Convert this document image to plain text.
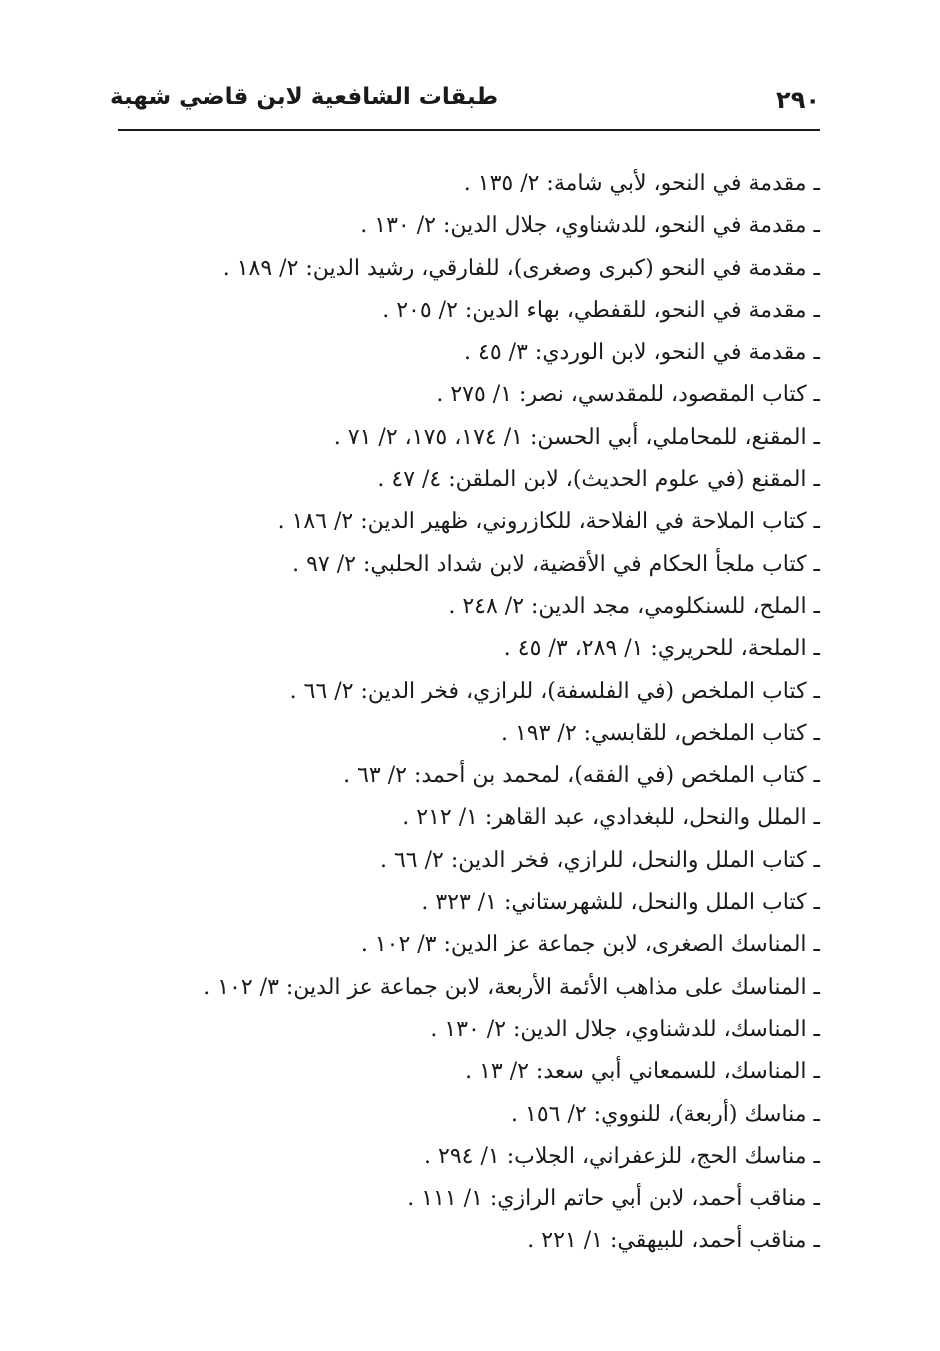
٢٩٠
طبقات الشافعية لابن قاضي شهبة
ـ مقدمة في النحو، لأبي شامة: ٢/ ١٣٥ .
ـ مقدمة في النحو، للدشناوي، جلال الدين: ٢/ ١٣٠ .
ـ مقدمة في النحو (كبرى وصغرى)، للفارقي، رشيد الدين: ٢/ ١٨٩ .
ـ مقدمة في النحو، للقفطي، بهاء الدين: ٢/ ٢٠٥ .
ـ مقدمة في النحو، لابن الوردي: ٣/ ٤٥ .
ـ كتاب المقصود، للمقدسي، نصر: ١/ ٢٧٥ .
ـ المقنع، للمحاملي، أبي الحسن: ١/ ١٧٤، ١٧٥، ٢/ ٧١ .
ـ المقنع (في علوم الحديث)، لابن الملقن: ٤/ ٤٧ .
ـ كتاب الملاحة في الفلاحة، للكازروني، ظهير الدين: ٢/ ١٨٦ .
ـ كتاب ملجأ الحكام في الأقضية، لابن شداد الحلبي: ٢/ ٩٧ .
ـ الملح، للسنكلومي، مجد الدين: ٢/ ٢٤٨ .
ـ الملحة، للحريري: ١/ ٢٨٩، ٣/ ٤٥ .
ـ كتاب الملخص (في الفلسفة)، للرازي، فخر الدين: ٢/ ٦٦ .
ـ كتاب الملخص، للقابسي: ٢/ ١٩٣ .
ـ كتاب الملخص (في الفقه)، لمحمد بن أحمد: ٢/ ٦٣ .
ـ الملل والنحل، للبغدادي، عبد القاهر: ١/ ٢١٢ .
ـ كتاب الملل والنحل، للرازي، فخر الدين: ٢/ ٦٦ .
ـ كتاب الملل والنحل، للشهرستاني: ١/ ٣٢٣ .
ـ المناسك الصغرى، لابن جماعة عز الدين: ٣/ ١٠٢ .
ـ المناسك على مذاهب الأئمة الأربعة، لابن جماعة عز الدين: ٣/ ١٠٢ .
ـ المناسك، للدشناوي، جلال الدين: ٢/ ١٣٠ .
ـ المناسك، للسمعاني أبي سعد: ٢/ ١٣ .
ـ مناسك (أربعة)، للنووي: ٢/ ١٥٦ .
ـ مناسك الحج، للزعفراني، الجلاب: ١/ ٢٩٤ .
ـ مناقب أحمد، لابن أبي حاتم الرازي: ١/ ١١١ .
ـ مناقب أحمد، للبيهقي: ١/ ٢٢١ .
